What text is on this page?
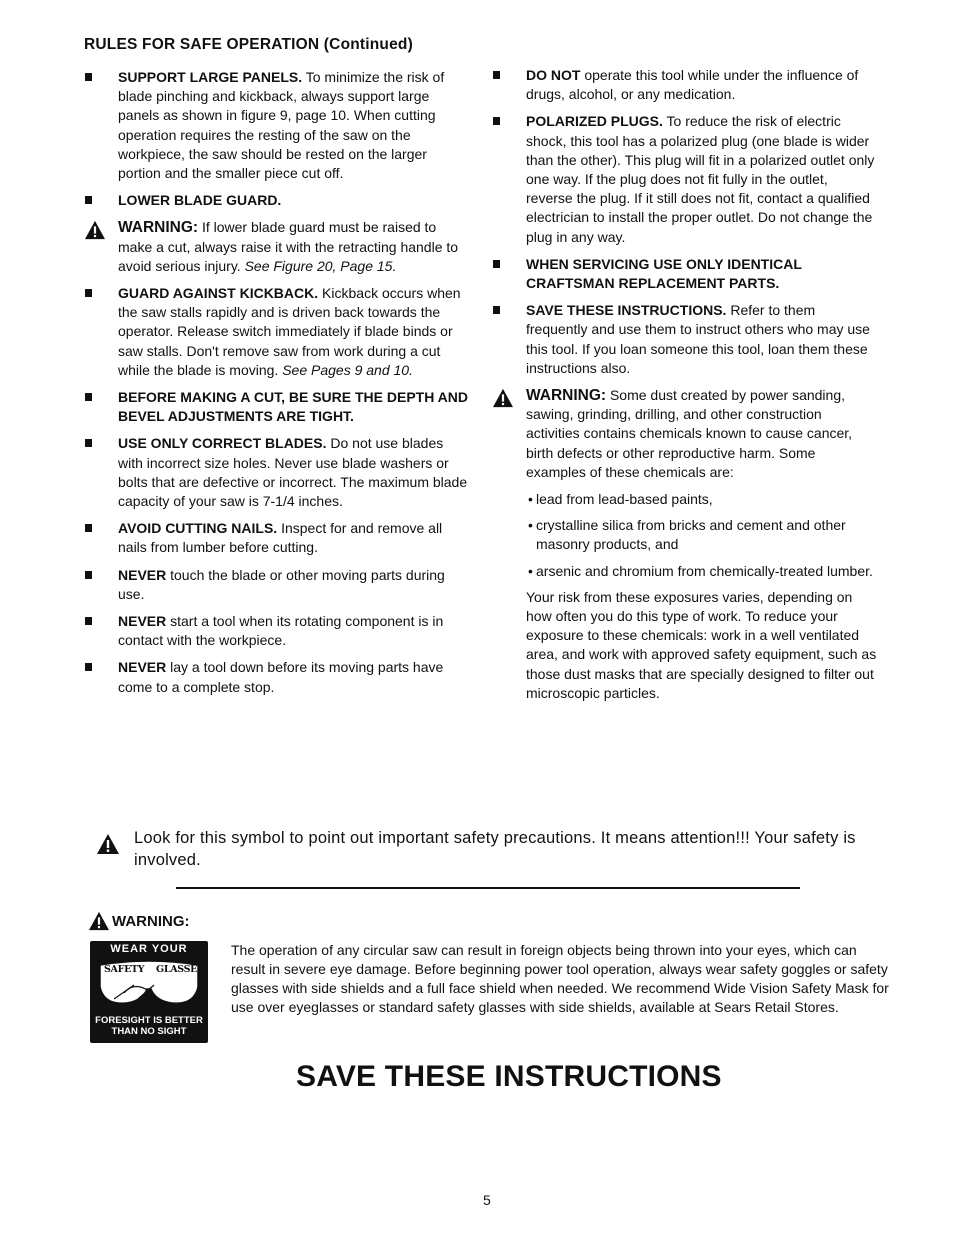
RULES FOR SAFE OPERATION (Continued)
SUPPORT LARGE PANELS. To minimize the risk of blade pinching and kickback, always support large panels as shown in figure 9, page 10. When cutting operation requires the resting of the saw on the workpiece, the saw should be rested on the larger portion and the smaller piece cut off.
LOWER BLADE GUARD.
WARNING: If lower blade guard must be raised to make a cut, always raise it with the retracting handle to avoid serious injury. See Figure 20, Page 15.
GUARD AGAINST KICKBACK. Kickback occurs when the saw stalls rapidly and is driven back towards the operator. Release switch immediately if blade binds or saw stalls. Don't remove saw from work during a cut while the blade is moving. See Pages 9 and 10.
BEFORE MAKING A CUT, BE SURE THE DEPTH AND BEVEL ADJUSTMENTS ARE TIGHT.
USE ONLY CORRECT BLADES. Do not use blades with incorrect size holes. Never use blade washers or bolts that are defective or incorrect. The maximum blade capacity of your saw is 7-1/4 inches.
AVOID CUTTING NAILS. Inspect for and remove all nails from lumber before cutting.
NEVER touch the blade or other moving parts during use.
NEVER start a tool when its rotating component is in contact with the workpiece.
NEVER lay a tool down before its moving parts have come to a complete stop.
DO NOT operate this tool while under the influence of drugs, alcohol, or any medication.
POLARIZED PLUGS. To reduce the risk of electric shock, this tool has a polarized plug (one blade is wider than the other). This plug will fit in a polarized outlet only one way. If the plug does not fit fully in the outlet, reverse the plug. If it still does not fit, contact a qualified electrician to install the proper outlet. Do not change the plug in any way.
WHEN SERVICING USE ONLY IDENTICAL CRAFTSMAN REPLACEMENT PARTS.
SAVE THESE INSTRUCTIONS. Refer to them frequently and use them to instruct others who may use this tool. If you loan someone this tool, loan them these instructions also.
WARNING: Some dust created by power sanding, sawing, grinding, drilling, and other construction activities contains chemicals known to cause cancer, birth defects or other reproductive harm. Some examples of these chemicals are:
• lead from lead-based paints,
• crystalline silica from bricks and cement and other masonry products, and
• arsenic and chromium from chemically-treated lumber.
Your risk from these exposures varies, depending on how often you do this type of work. To reduce your exposure to these chemicals: work in a well ventilated area, and work with approved safety equipment, such as those dust masks that are specially designed to filter out microscopic particles.
Look for this symbol to point out important safety precautions. It means attention!!! Your safety is involved.
WARNING:
WEAR YOUR
SAFETY GLASSES
FORESIGHT IS BETTER
THAN NO SIGHT
The operation of any circular saw can result in foreign objects being thrown into your eyes, which can result in severe eye damage. Before beginning power tool operation, always wear safety goggles or safety glasses with side shields and a full face shield when needed. We recommend Wide Vision Safety Mask for use over eyeglasses or standard safety glasses with side shields, available at Sears Retail Stores.
SAVE THESE INSTRUCTIONS
5
